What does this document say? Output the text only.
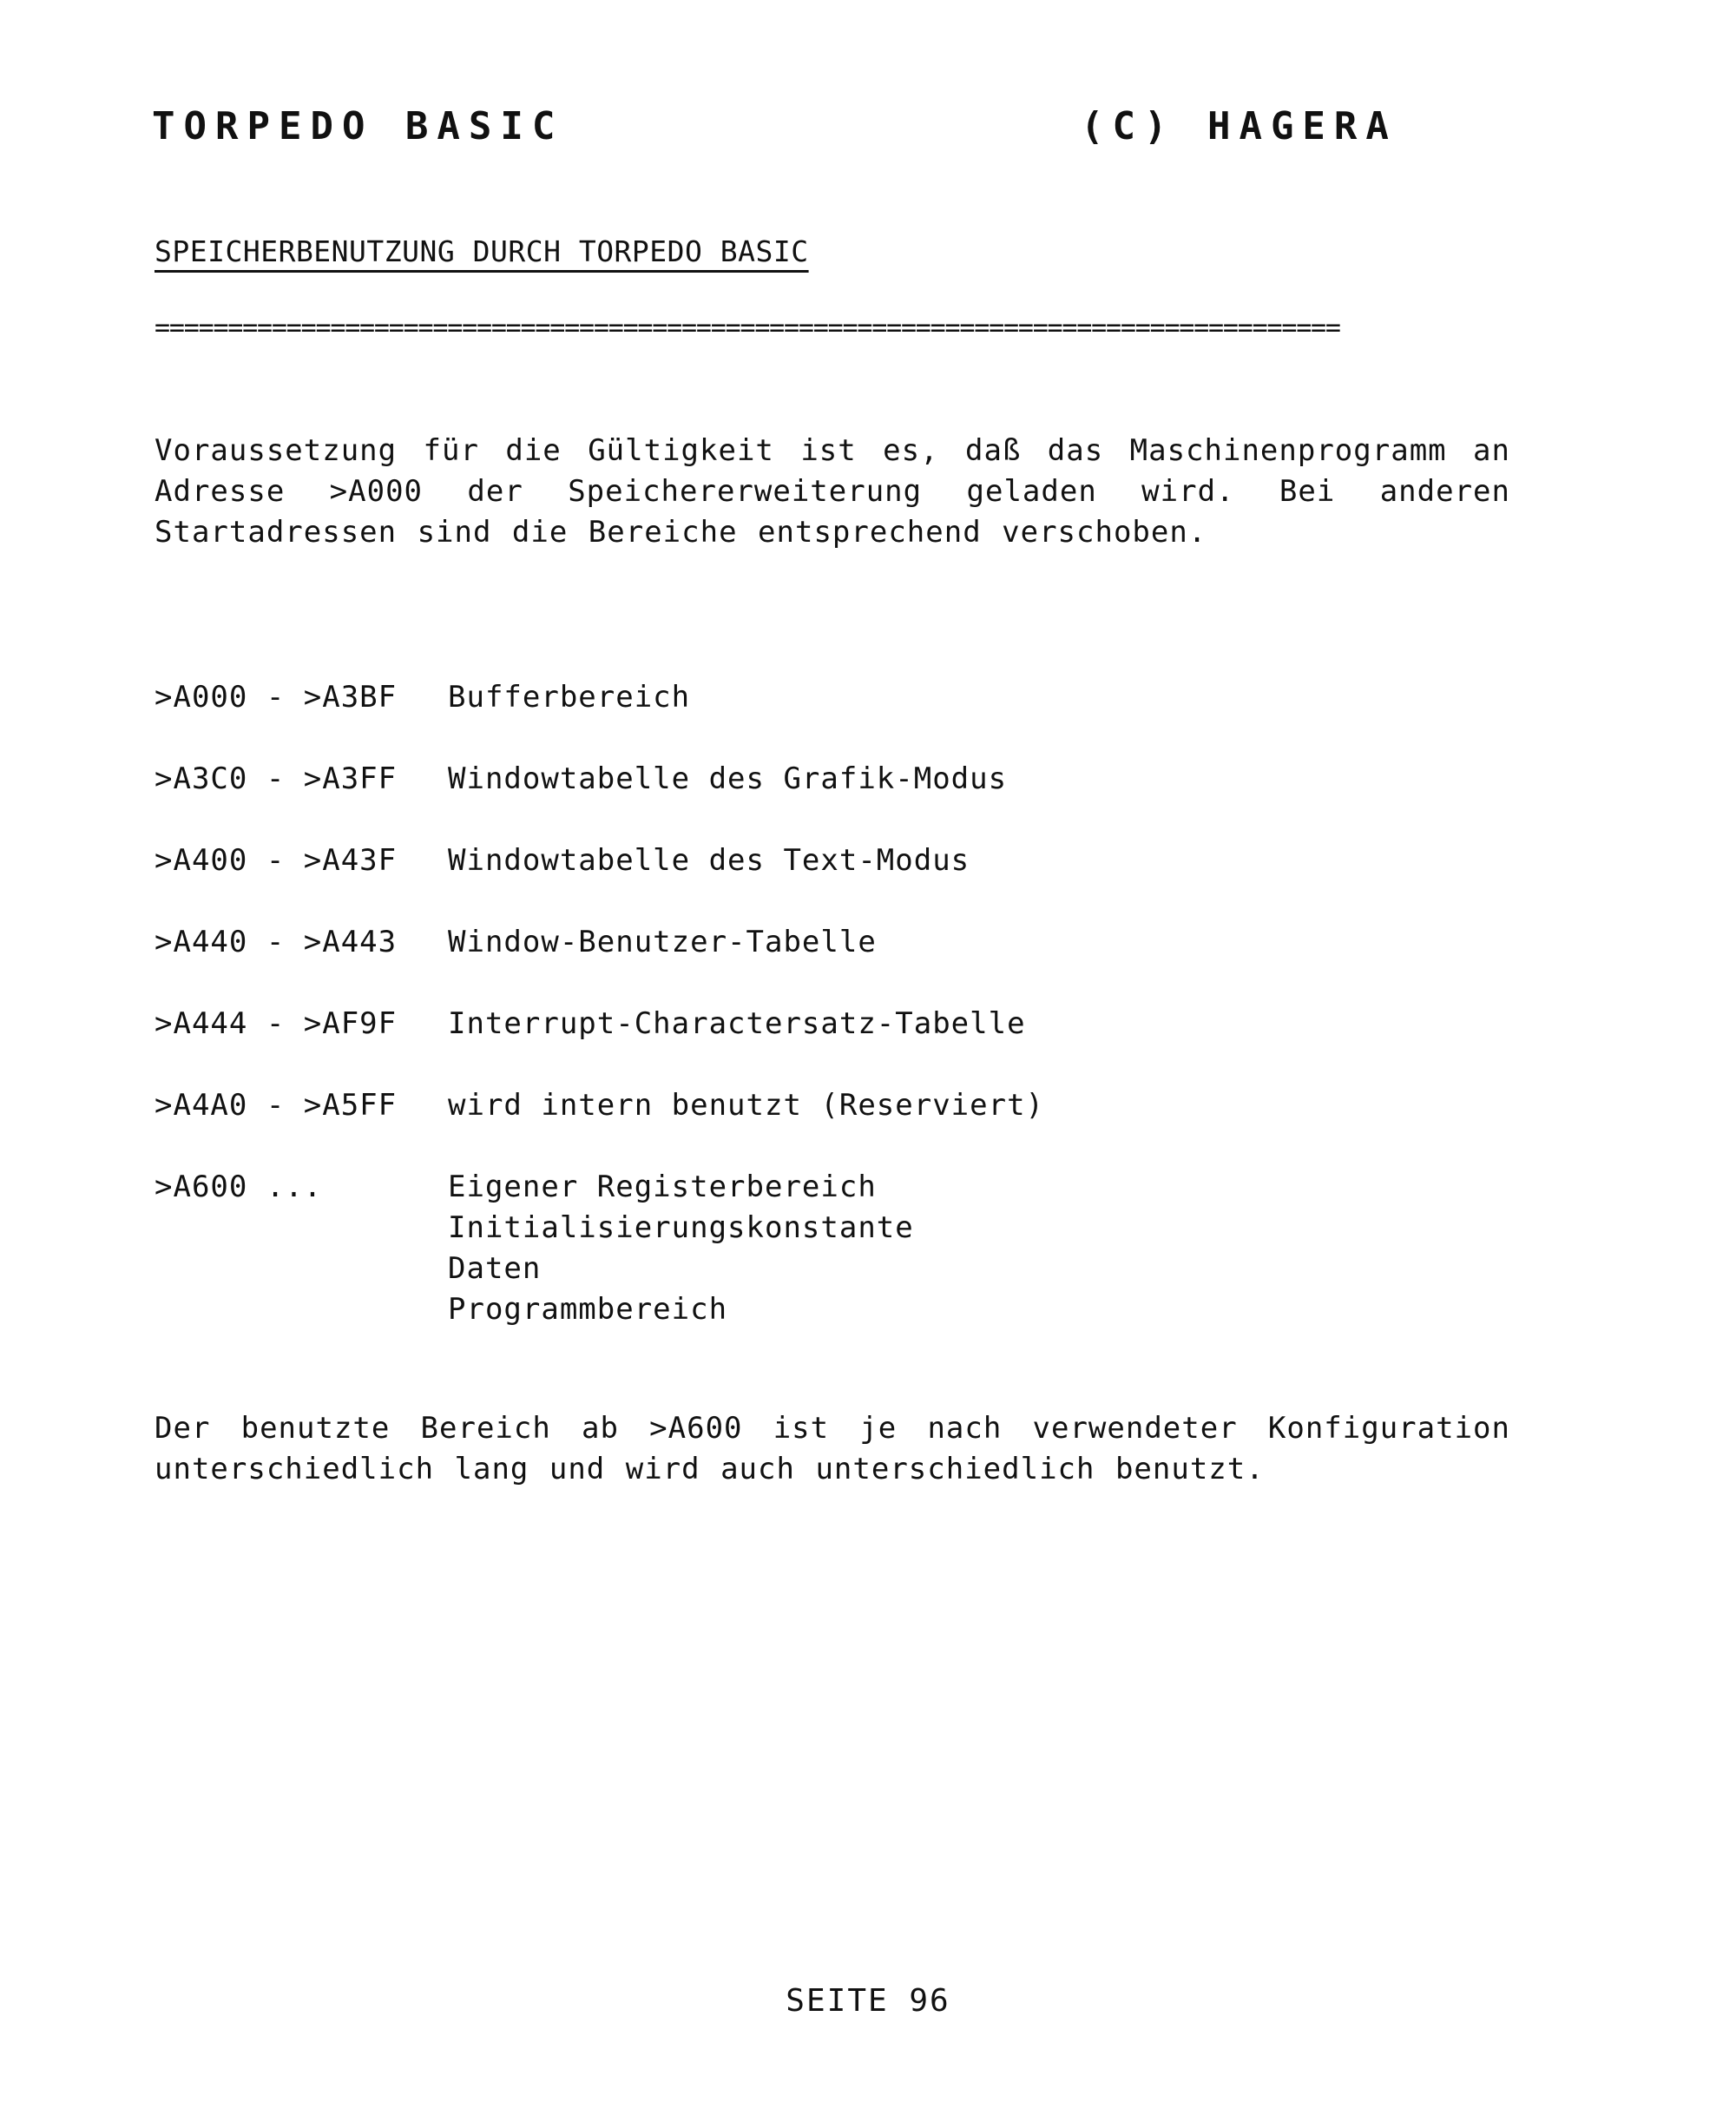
TORPEDO BASIC	(C) HAGERA
SPEICHERBENUTZUNG DURCH TORPEDO BASIC
=================================================================================
Voraussetzung für die Gültigkeit ist es, daß das Maschinenprogramm an Adresse >A000 der Speichererweiterung geladen wird. Bei anderen Startadressen sind die Bereiche entsprechend verschoben.
>A000 - >A3BF	Bufferbereich
>A3C0 - >A3FF	Windowtabelle des Grafik-Modus
>A400 - >A43F	Windowtabelle des Text-Modus
>A440 - >A443	Window-Benutzer-Tabelle
>A444 - >AF9F	Interrupt-Charactersatz-Tabelle
>A4A0 - >A5FF	wird intern benutzt (Reserviert)
>A600 ...	Eigener Registerbereich
Initialisierungskonstante
Daten
Programmbereich
Der benutzte Bereich ab >A600 ist je nach verwendeter Konfiguration unterschiedlich lang und wird auch unterschiedlich benutzt.
SEITE 96
